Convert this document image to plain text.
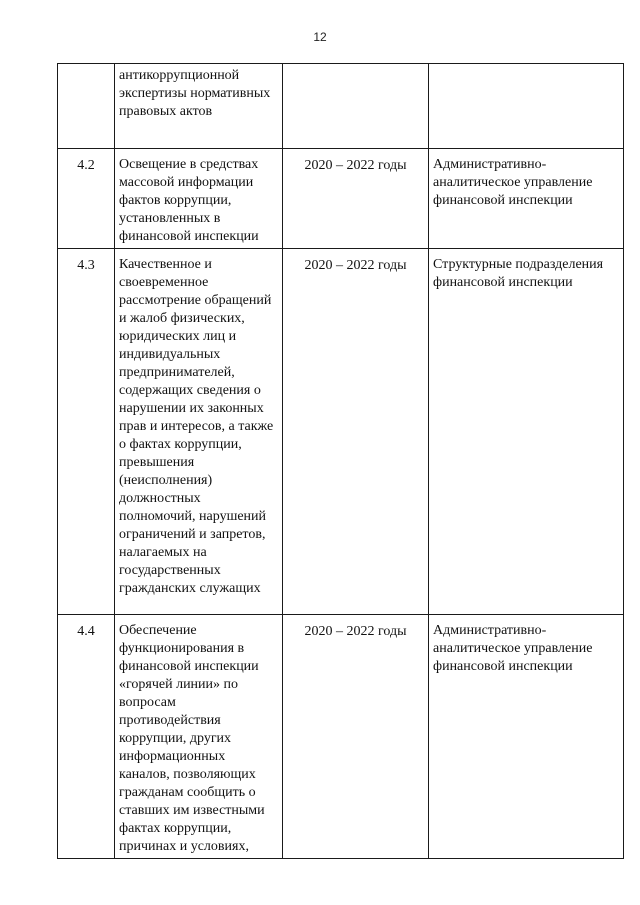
12
	антикоррупционной экспертизы нормативных правовых актов		
4.2	Освещение в средствах массовой информации фактов коррупции, установленных в финансовой инспекции	2020 – 2022 годы	Административно-аналитическое управление финансовой инспекции
4.3	Качественное и своевременное рассмотрение обращений и жалоб физических, юридических лиц и индивидуальных предпринимателей, содержащих сведения о нарушении их законных прав и интересов, а также о фактах коррупции, превышения (неисполнения) должностных полномочий, нарушений ограничений и запретов, налагаемых на государственных гражданских служащих	2020 – 2022 годы	Структурные подразделения финансовой инспекции
4.4	Обеспечение функционирования в финансовой инспекции «горячей линии» по вопросам противодействия коррупции, других информационных каналов, позволяющих гражданам сообщить о ставших им известными фактах коррупции, причинах и условиях,	2020 – 2022 годы	Административно-аналитическое управление финансовой инспекции
